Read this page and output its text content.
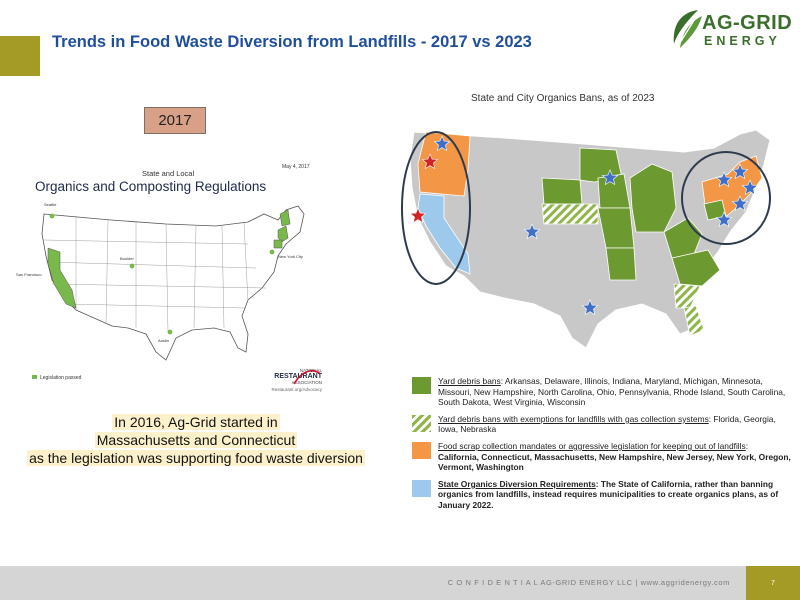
Trends in Food Waste Diversion from Landfills - 2017 vs 2023
AG-GRID
ENERGY
2017
May 4, 2017
State and Local
Organics and Composting Regulations
Seattle
San Francisco
Boulder
Austin
New York City
Legislation passed
NATIONAL
RESTAURANT
ASSOCIATION
Restaurant.org/Advocacy
In 2016, Ag-Grid started in
Massachusetts and Connecticut
as the legislation was supporting food waste diversion
State and City Organics Bans, as of 2023
Yard debris bans: Arkansas, Delaware, Illinois, Indiana, Maryland, Michigan, Minnesota, Missouri, New Hampshire, North Carolina, Ohio, Pennsylvania, Rhode Island, South Carolina, South Dakota, West Virginia, Wisconsin
Yard debris bans with exemptions for landfills with gas collection systems: Florida, Georgia, Iowa, Nebraska
Food scrap collection mandates or aggressive legislation for keeping out of landfills:
California, Connecticut, Massachusetts, New Hampshire, New Jersey, New York, Oregon, Vermont, Washington
State Organics Diversion Requirements: The State of California, rather than banning organics from landfills, instead requires municipalities to create organics plans, as of January 2022.
C O N F I D E N T I A L AG-GRID ENERGY LLC | www.aggridenergy.com	7
